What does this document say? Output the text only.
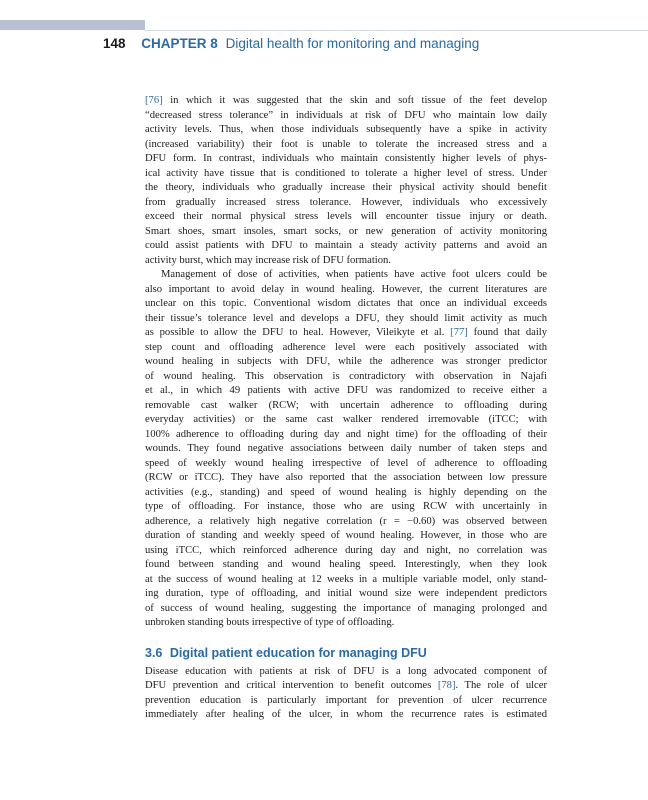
148 CHAPTER 8 Digital health for monitoring and managing
[76] in which it was suggested that the skin and soft tissue of the feet develop
“decreased stress tolerance” in individuals at risk of DFU who maintain low daily
activity levels. Thus, when those individuals subsequently have a spike in activity
(increased variability) their foot is unable to tolerate the increased stress and a
DFU form. In contrast, individuals who maintain consistently higher levels of phys-
ical activity have tissue that is conditioned to tolerate a higher level of stress. Under
the theory, individuals who gradually increase their physical activity should benefit
from gradually increased stress tolerance. However, individuals who excessively
exceed their normal physical stress levels will encounter tissue injury or death.
Smart shoes, smart insoles, smart socks, or new generation of activity monitoring
could assist patients with DFU to maintain a steady activity patterns and avoid an
activity burst, which may increase risk of DFU formation.
Management of dose of activities, when patients have active foot ulcers could be
also important to avoid delay in wound healing. However, the current literatures are
unclear on this topic. Conventional wisdom dictates that once an individual exceeds
their tissue’s tolerance level and develops a DFU, they should limit activity as much
as possible to allow the DFU to heal. However, Vileikyte et al. [77] found that daily
step count and offloading adherence level were each positively associated with
wound healing in subjects with DFU, while the adherence was stronger predictor
of wound healing. This observation is contradictory with observation in Najafi
et al., in which 49 patients with active DFU was randomized to receive either a
removable cast walker (RCW; with uncertain adherence to offloading during
everyday activities) or the same cast walker rendered irremovable (iTCC; with
100% adherence to offloading during day and night time) for the offloading of their
wounds. They found negative associations between daily number of taken steps and
speed of weekly wound healing irrespective of level of adherence to offloading
(RCW or iTCC). They have also reported that the association between low pressure
activities (e.g., standing) and speed of wound healing is highly depending on the
type of offloading. For instance, those who are using RCW with uncertainly in
adherence, a relatively high negative correlation (r = −0.60) was observed between
duration of standing and weekly speed of wound healing. However, in those who are
using iTCC, which reinforced adherence during day and night, no correlation was
found between standing and wound healing speed. Interestingly, when they look
at the success of wound healing at 12 weeks in a multiple variable model, only stand-
ing duration, type of offloading, and initial wound size were independent predictors
of success of wound healing, suggesting the importance of managing prolonged and
unbroken standing bouts irrespective of type of offloading.
3.6 Digital patient education for managing DFU
Disease education with patients at risk of DFU is a long advocated component of
DFU prevention and critical intervention to benefit outcomes [78]. The role of ulcer
prevention education is particularly important for prevention of ulcer recurrence
immediately after healing of the ulcer, in whom the recurrence rates is estimated
